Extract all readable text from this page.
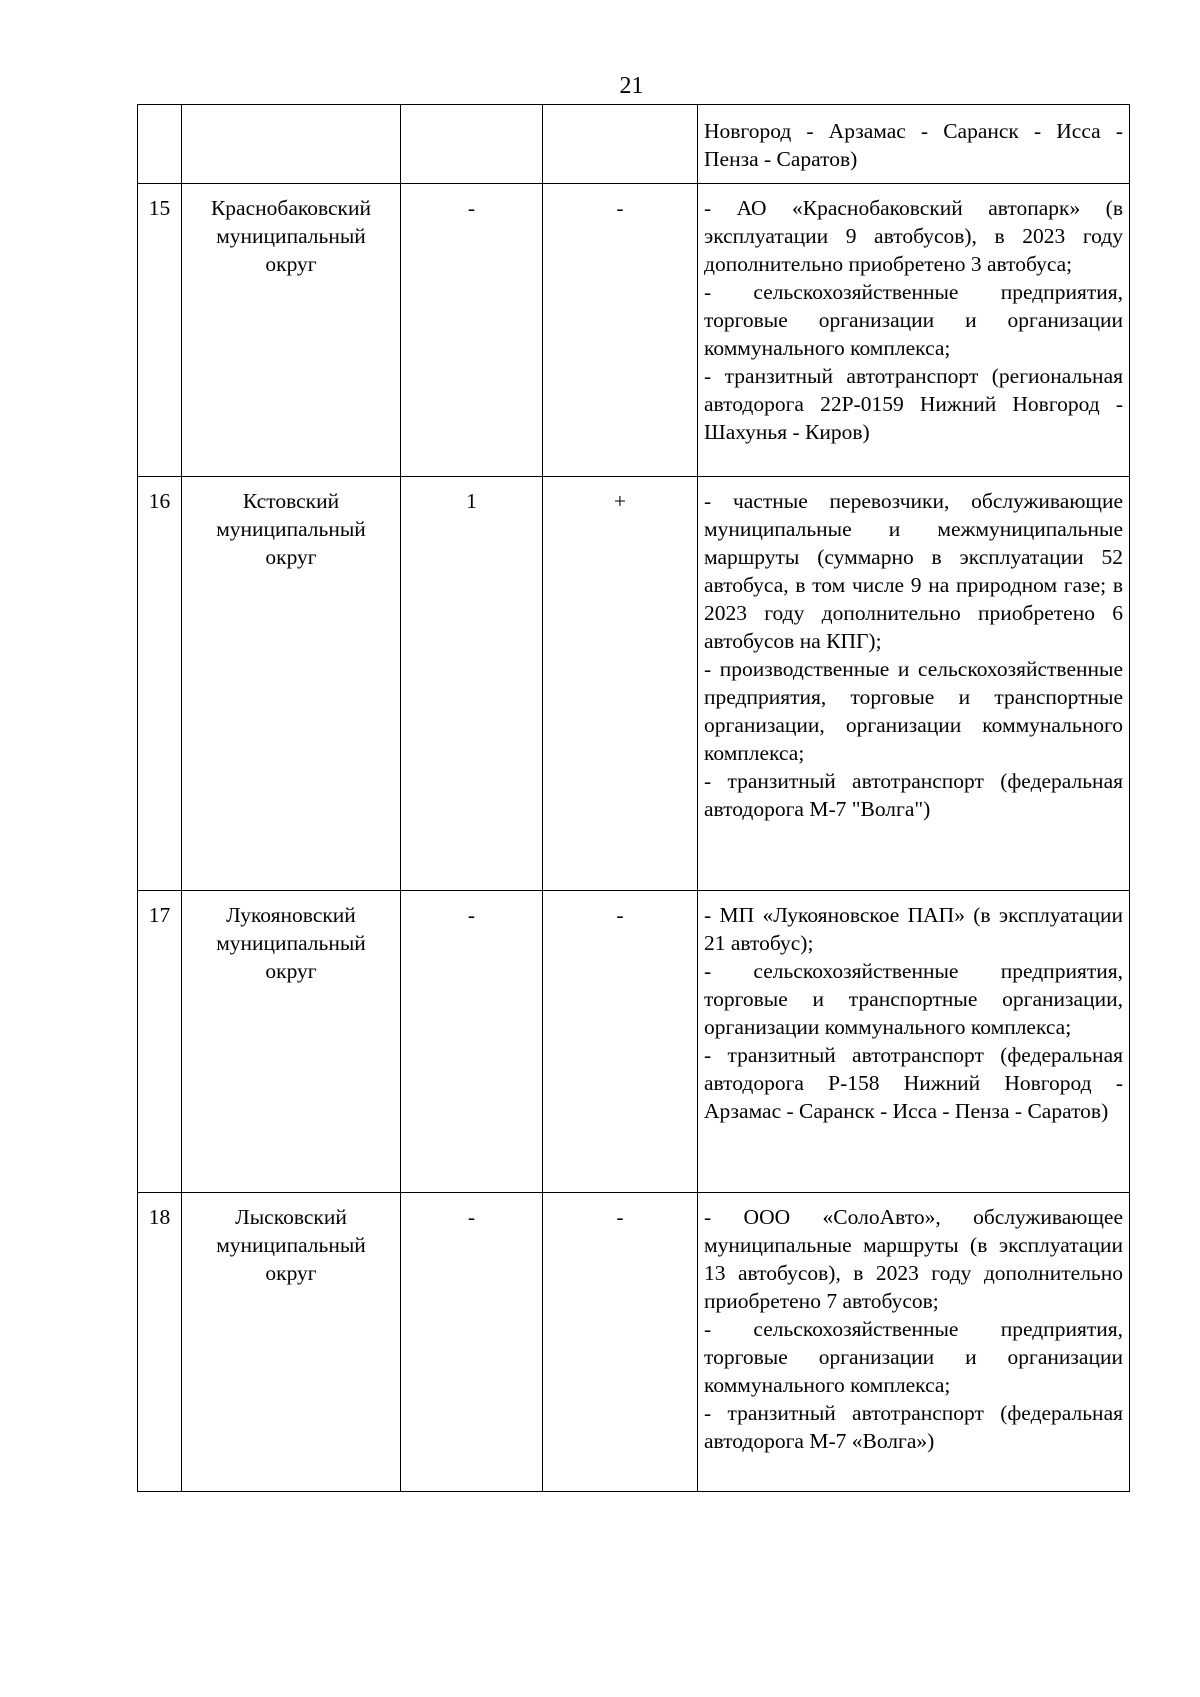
21

				Новгород - Арзамас - Саранск - Исса -

Пенза - Саратов)

15	Краснобаковский муниципальный округ	-	-	- АО «Краснобаковский автопарк» (в эксплуатации 9 автобусов), в 2023 году дополнительно приобретено 3 автобуса;

- сельскохозяйственные предприятия, торговые организации и организации коммунального комплекса;

- транзитный автотранспорт (региональная автодорога 22Р-0159 Нижний Новгород - Шахунья - Киров)

16	Кстовский муниципальный округ	1	+	- частные перевозчики, обслуживающие муниципальные и межмуниципальные маршруты (суммарно в эксплуатации 52 автобуса, в том числе 9 на природном газе; в 2023 году дополнительно приобретено 6 автобусов на КПГ);

- производственные и сельскохозяйственные предприятия, торговые и транспортные организации, организации коммунального комплекса;

- транзитный автотранспорт (федеральная автодорога М-7 "Волга")

17	Лукояновский муниципальный округ	-	-	- МП «Лукояновское ПАП» (в эксплуатации 21 автобус);

- сельскохозяйственные предприятия, торговые и транспортные организации, организации коммунального комплекса;

- транзитный автотранспорт (федеральная автодорога Р-158 Нижний Новгород - Арзамас - Саранск - Исса - Пенза - Саратов)

18	Лысковский муниципальный округ	-	-	- ООО «СолоАвто», обслуживающее муниципальные маршруты (в эксплуатации 13 автобусов), в 2023 году дополнительно приобретено 7 автобусов;

- сельскохозяйственные предприятия, торговые организации и организации коммунального комплекса;

- транзитный автотранспорт (федеральная автодорога М-7 «Волга»)
